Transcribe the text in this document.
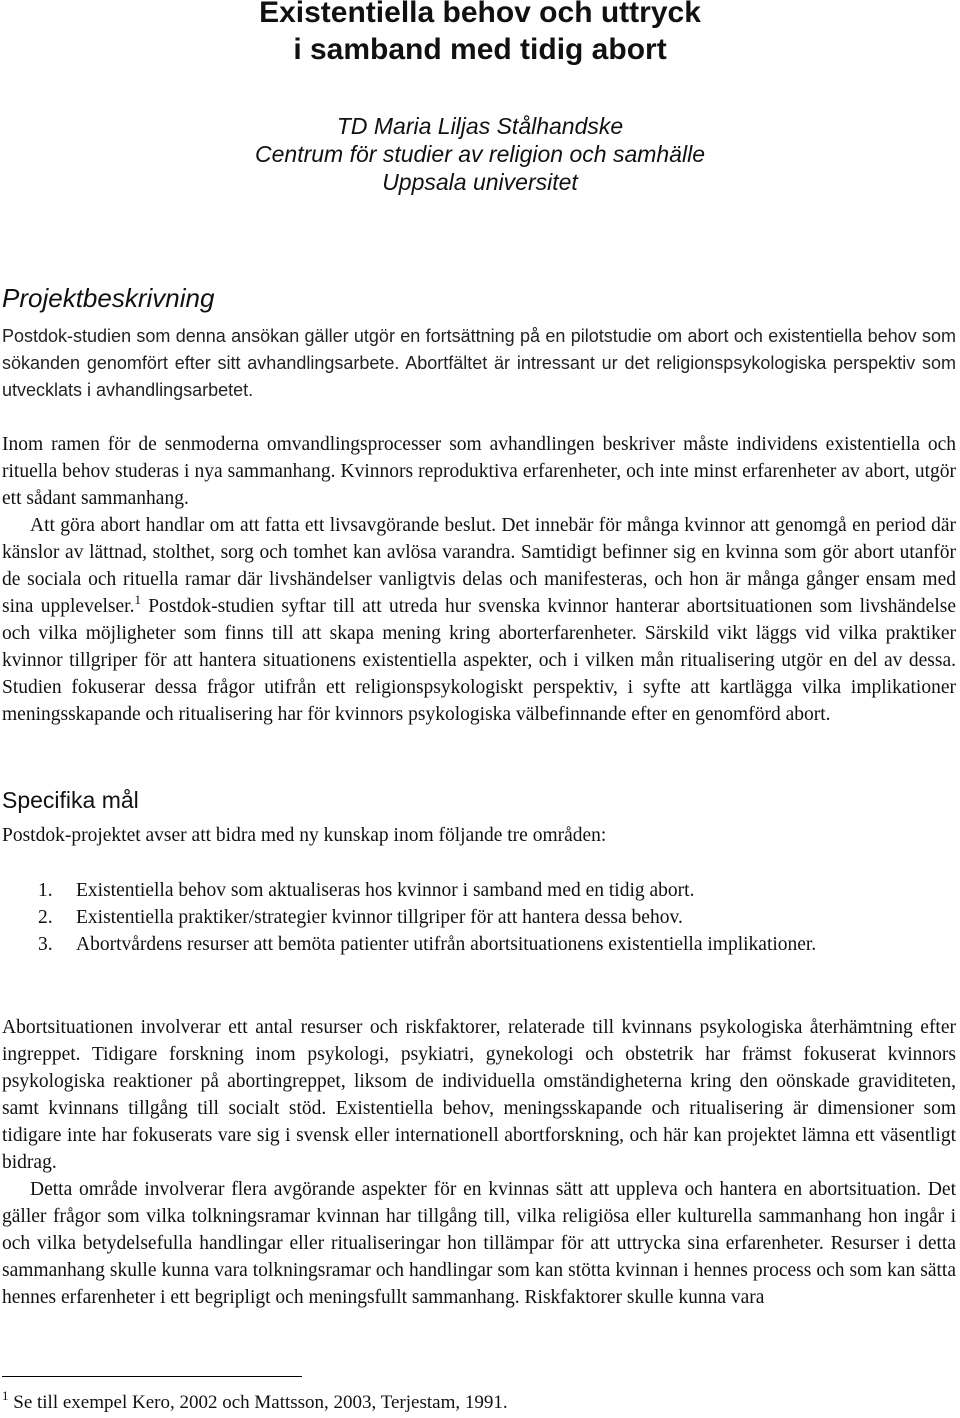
Existentiella behov och uttryck
i samband med tidig abort
TD Maria Liljas Stålhandske
Centrum för studier av religion och samhälle
Uppsala universitet
Projektbeskrivning

Postdok-studien som denna ansökan gäller utgör en fortsättning på en pilotstudie om abort och existentiella behov som sökanden genomfört efter sitt avhandlingsarbete. Abortfältet är intressant ur det religionspsykologiska perspektiv som utvecklats i avhandlingsarbetet.

Inom ramen för de senmoderna omvandlingsprocesser som avhandlingen beskriver måste individens existentiella och rituella behov studeras i nya sammanhang. Kvinnors reproduktiva erfarenheter, och inte minst erfarenheter av abort, utgör ett sådant sammanhang.

Att göra abort handlar om att fatta ett livsavgörande beslut. Det innebär för många kvinnor att genomgå en period där känslor av lättnad, stolthet, sorg och tomhet kan avlösa varandra. Samtidigt befinner sig en kvinna som gör abort utanför de sociala och rituella ramar där livshändelser vanligtvis delas och manifesteras, och hon är många gånger ensam med sina upplevelser.$^1$ Postdok-studien syftar till att utreda hur svenska kvinnor hanterar abortsituationen som livshändelse och vilka möjligheter som finns till att skapa mening kring aborterfarenheter. Särskild vikt läggs vid vilka praktiker kvinnor tillgriper för att hantera situationens existentiella aspekter, och i vilken mån ritualisering utgör en del av dessa. Studien fokuserar dessa frågor utifrån ett religionspsykologiskt perspektiv, i syfte att kartlägga vilka implikationer meningsskapande och ritualisering har för kvinnors psykologiska välbefinnande efter en genomförd abort.

Specifika mål

Postdok-projektet avser att bidra med ny kunskap inom följande tre områden:

1. Existentiella behov som aktualiseras hos kvinnor i samband med en tidig abort.
2. Existentiella praktiker/strategier kvinnor tillgriper för att hantera dessa behov.
3. Abortvårdens resurser att bemöta patienter utifrån abortsituationens existentiella implikationer.

Abortsituationen involverar ett antal resurser och riskfaktorer, relaterade till kvinnans psykologiska återhämtning efter ingreppet. Tidigare forskning inom psykologi, psykiatri, gynekologi och obstetrik har främst fokuserat kvinnors psykologiska reaktioner på abortingreppet, liksom de individuella omständigheterna kring den oönskade graviditeten, samt kvinnans tillgång till socialt stöd. Existentiella behov, meningsskapande och ritualisering är dimensioner som tidigare inte har fokuserats vare sig i svensk eller internationell abortforskning, och här kan projektet lämna ett väsentligt bidrag.

Detta område involverar flera avgörande aspekter för en kvinnas sätt att uppleva och hantera en abortsituation. Det gäller frågor som vilka tolkningsramar kvinnan har tillgång till, vilka religiösa eller kulturella sammanhang hon ingår i och vilka betydelsefulla handlingar eller ritualiseringar hon tillämpar för att uttrycka sina erfarenheter. Resurser i detta sammanhang skulle kunna vara tolkningsramar och handlingar som kan stötta kvinnan i hennes process och som kan sätta hennes erfarenheter i ett begripligt och meningsfullt sammanhang. Riskfaktorer skulle kunna vara

$^1$ Se till exempel Kero, 2002 och Mattsson, 2003, Terjestam, 1991.
